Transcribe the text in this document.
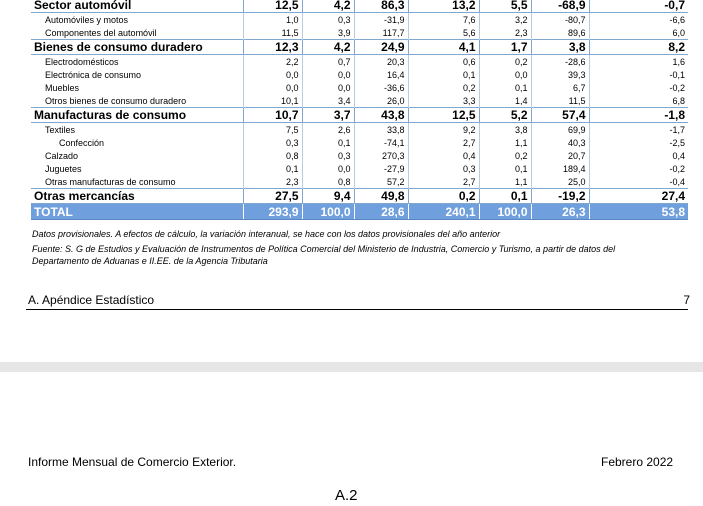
Sector automóvil	12,5	4,2	86,3	13,2	5,5	-68,9	-0,7
Automóviles y motos	1,0	0,3	-31,9	7,6	3,2	-80,7	-6,6
Componentes del automóvil	11,5	3,9	117,7	5,6	2,3	89,6	6,0
Bienes de consumo duradero	12,3	4,2	24,9	4,1	1,7	3,8	8,2
Electrodomésticos	2,2	0,7	20,3	0,6	0,2	-28,6	1,6
Electrónica de consumo	0,0	0,0	16,4	0,1	0,0	39,3	-0,1
Muebles	0,0	0,0	-36,6	0,2	0,1	6,7	-0,2
Otros bienes de consumo duradero	10,1	3,4	26,0	3,3	1,4	11,5	6,8
Manufacturas de consumo	10,7	3,7	43,8	12,5	5,2	57,4	-1,8
Textiles	7,5	2,6	33,8	9,2	3,8	69,9	-1,7
Confección	0,3	0,1	-74,1	2,7	1,1	40,3	-2,5
Calzado	0,8	0,3	270,3	0,4	0,2	20,7	0,4
Juguetes	0,1	0,0	-27,9	0,3	0,1	189,4	-0,2
Otras manufacturas de consumo	2,3	0,8	57,2	2,7	1,1	25,0	-0,4
Otras mercancías	27,5	9,4	49,8	0,2	0,1	-19,2	27,4
TOTAL	293,9	100,0	28,6	240,1	100,0	26,3	53,8
Datos provisionales. A efectos de cálculo, la variación interanual, se hace con los datos provisionales del año anterior
Fuente: S. G de Estudios y Evaluación de Instrumentos de Política Comercial del Ministerio de Industria, Comercio y Turismo, a partir de datos del Departamento de Aduanas e II.EE. de la Agencia Tributaria
A. Apéndice Estadístico	7
Informe Mensual de Comercio Exterior.	Febrero 2022
A.2
